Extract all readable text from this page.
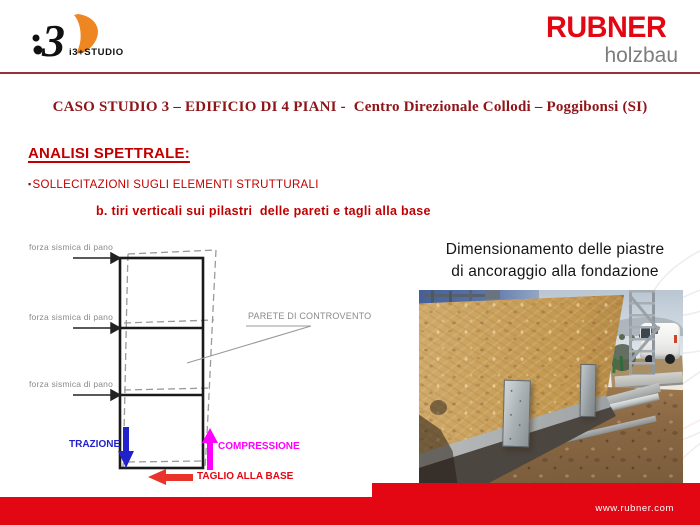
3 i3+STUDIO
RUBNER
holzbau
CASO STUDIO 3 – EDIFICIO DI 4 PIANI -  Centro Direzionale Collodi – Poggibonsi (SI)
ANALISI SPETTRALE:
▪SOLLECITAZIONI SUGLI ELEMENTI STRUTTURALI
b. tiri verticali sui pilastri  delle pareti e tagli alla base
forza sismica di pano
forza sismica di pano
forza sismica di pano
PARETE DI CONTROVENTO
TRAZIONE	COMPRESSIONE
TAGLIO ALLA BASE
Dimensionamento delle piastre
di ancoraggio alla fondazione
www.rubner.com
